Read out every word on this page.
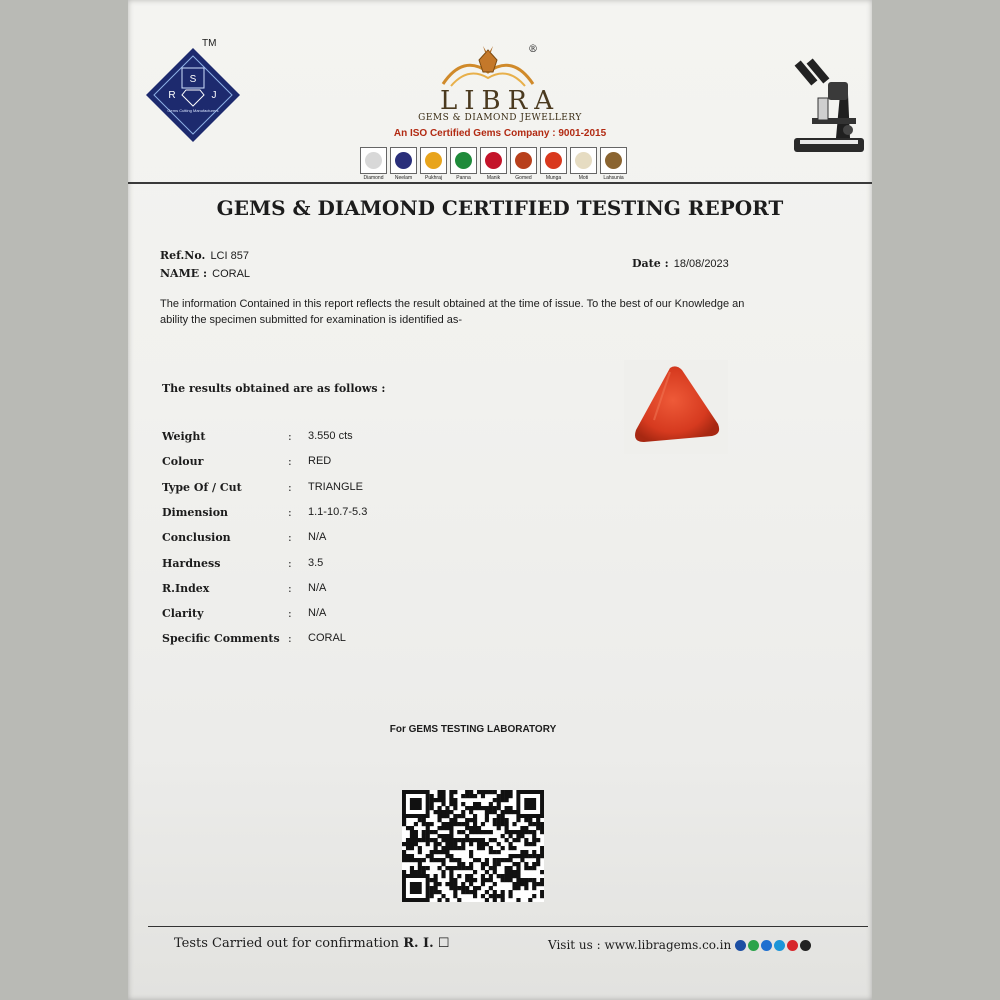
S
R	J
Gems Cutting Manufacturers
TM
®
LIBRA
GEMS & DIAMOND JEWELLERY
An ISO Certified Gems Company : 9001-2015
Diamond	Neelam	Pukhraj	Panna	Manik	Gomed	Munga	Moti	Lahsunia
GEMS & DIAMOND CERTIFIED TESTING REPORT
Ref.No. LCI 857
NAME : CORAL
Date : 18/08/2023
The information Contained in this report reflects the result obtained at the time of issue. To the best of our Knowledge an ability the specimen submitted for examination is identified as-
The results obtained are as follows :
Weight	: 3.550 cts
Colour	: RED
Type Of / Cut	: TRIANGLE
Dimension	: 1.1-10.7-5.3
Conclusion	: N/A
Hardness	: 3.5
R.Index	: N/A
Clarity	: N/A
Specific Comments : CORAL
For GEMS TESTING LABORATORY
Tests Carried out for confirmation R. I. ☐	Visit us : www.libragems.co.in
